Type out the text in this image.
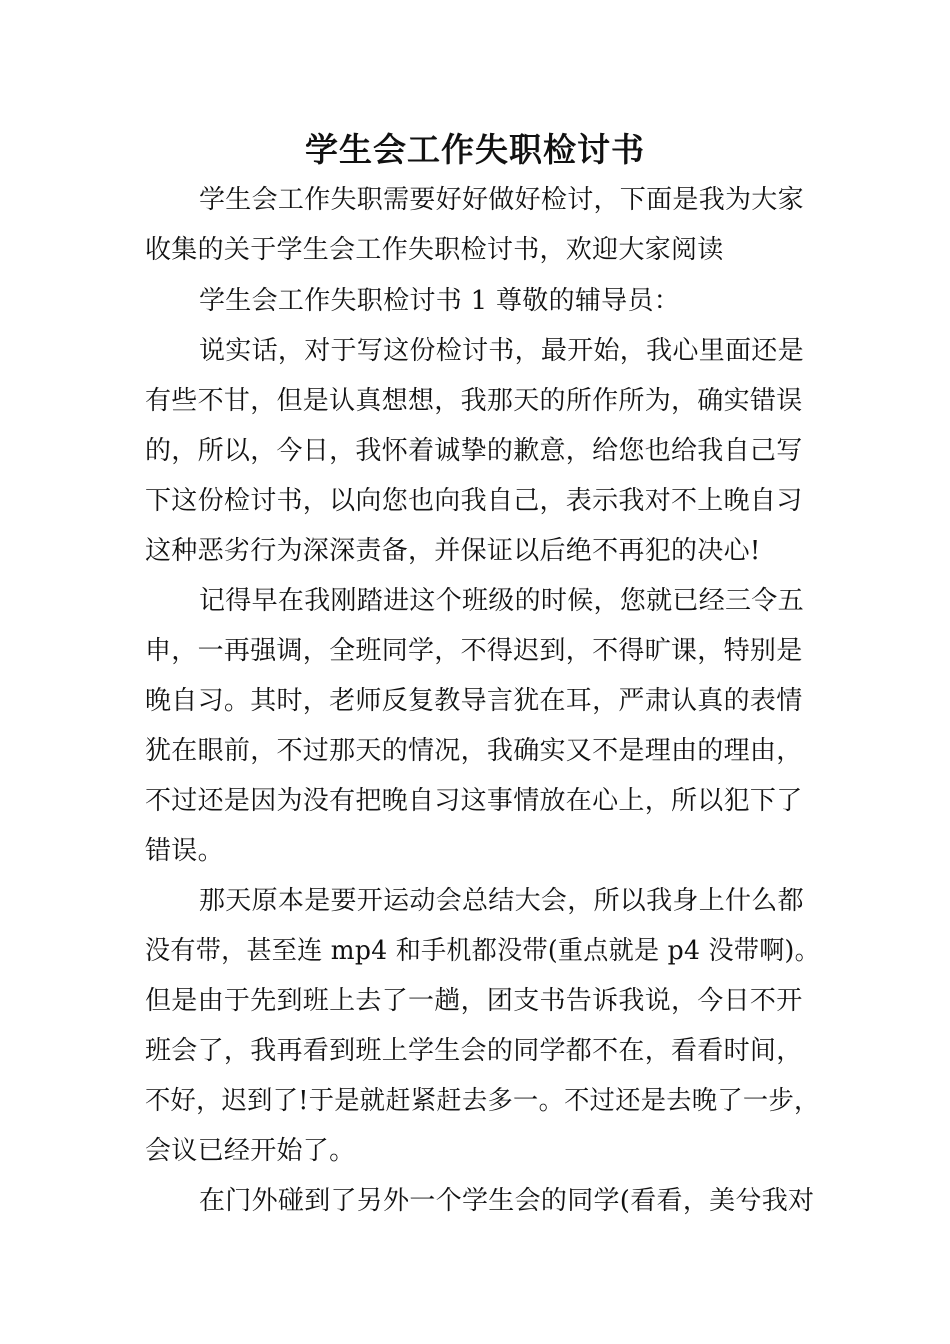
学生会工作失职检讨书
学生会工作失职需要好好做好检讨，下面是我为大家
收集的关于学生会工作失职检讨书，欢迎大家阅读
学生会工作失职检讨书 1 尊敬的辅导员：
说实话，对于写这份检讨书，最开始，我心里面还是
有些不甘，但是认真想想，我那天的所作所为，确实错误
的，所以，今日，我怀着诚挚的歉意，给您也给我自己写
下这份检讨书，以向您也向我自己，表示我对不上晚自习
这种恶劣行为深深责备，并保证以后绝不再犯的决心!
记得早在我刚踏进这个班级的时候，您就已经三令五
申，一再强调，全班同学，不得迟到，不得旷课，特别是
晚自习。其时，老师反复教导言犹在耳，严肃认真的表情
犹在眼前，不过那天的情况，我确实又不是理由的理由，
不过还是因为没有把晚自习这事情放在心上，所以犯下了
错误。
那天原本是要开运动会总结大会，所以我身上什么都
没有带，甚至连 mp4 和手机都没带(重点就是 p4 没带啊)。
但是由于先到班上去了一趟，团支书告诉我说，今日不开
班会了，我再看到班上学生会的同学都不在，看看时间，
不好，迟到了!于是就赶紧赶去多一。不过还是去晚了一步，
会议已经开始了。
在门外碰到了另外一个学生会的同学(看看，美兮我对
